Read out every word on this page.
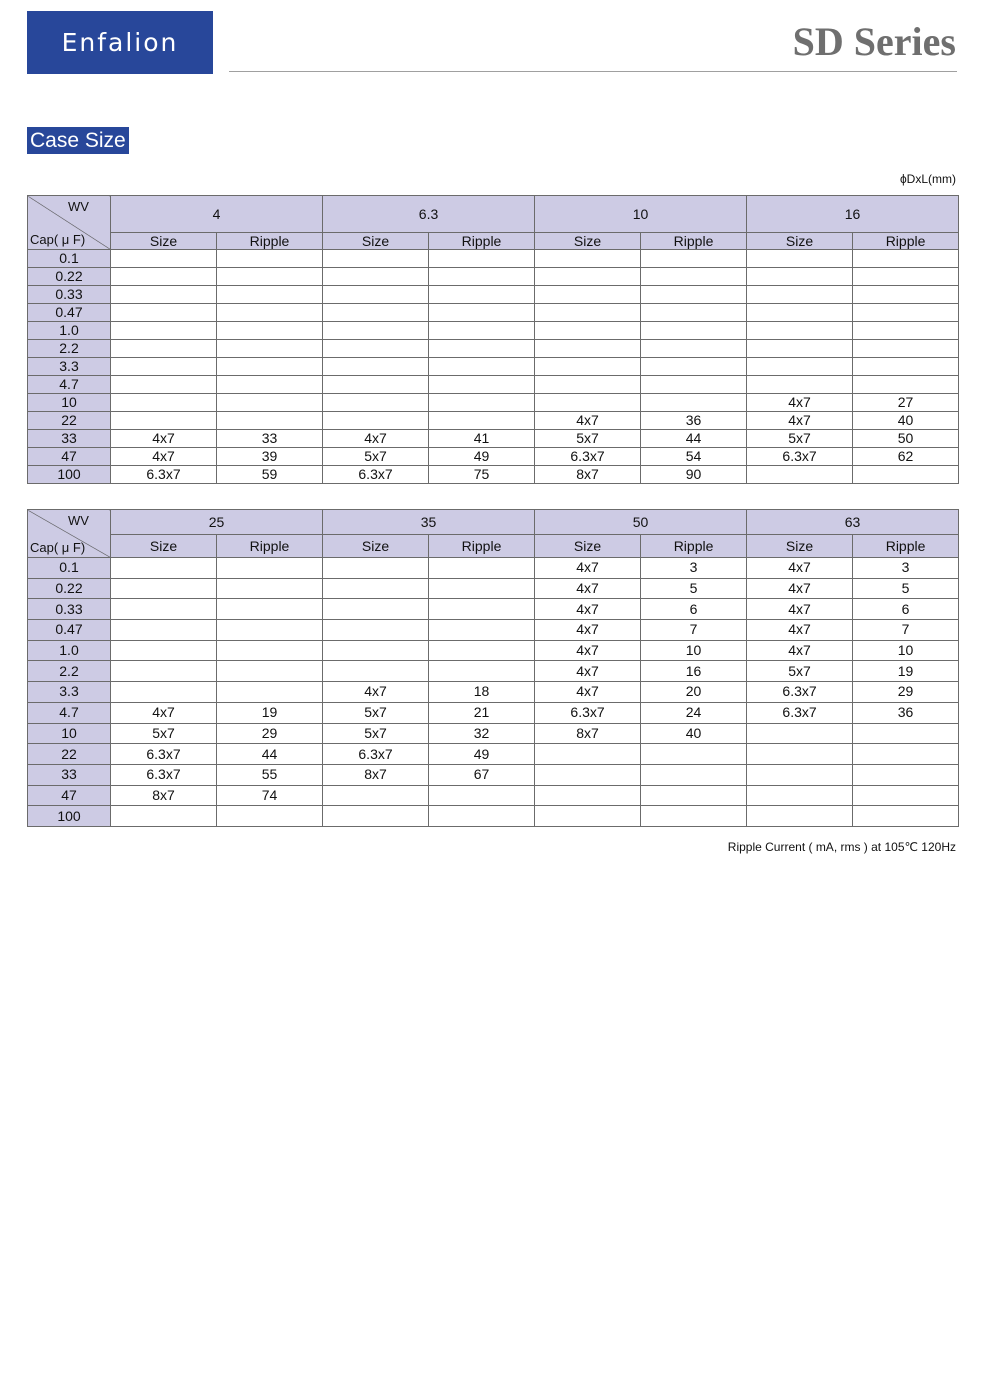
Enfalion	SD Series
Case Size
ϕDxL(mm)
WV
Cap( μ F)	4		6.3		10		16	
	Size	Ripple	Size	Ripple	Size	Ripple	Size	Ripple
0.1								
0.22								
0.33								
0.47								
1.0								
2.2								
3.3								
4.7								
10							4x7	27
22					4x7	36	4x7	40
33	4x7	33	4x7	41	5x7	44	5x7	50
47	4x7	39	5x7	49	6.3x7	54	6.3x7	62
100	6.3x7	59	6.3x7	75	8x7	90		
WV
Cap( μ F)	25		35		50		63	
	Size	Ripple	Size	Ripple	Size	Ripple	Size	Ripple
0.1					4x7	3	4x7	3
0.22					4x7	5	4x7	5
0.33					4x7	6	4x7	6
0.47					4x7	7	4x7	7
1.0					4x7	10	4x7	10
2.2					4x7	16	5x7	19
3.3			4x7	18	4x7	20	6.3x7	29
4.7	4x7	19	5x7	21	6.3x7	24	6.3x7	36
10	5x7	29	5x7	32	8x7	40		
22	6.3x7	44	6.3x7	49				
33	6.3x7	55	8x7	67				
47	8x7	74						
100								
Ripple Current ( mA, rms ) at 105℃ 120Hz
